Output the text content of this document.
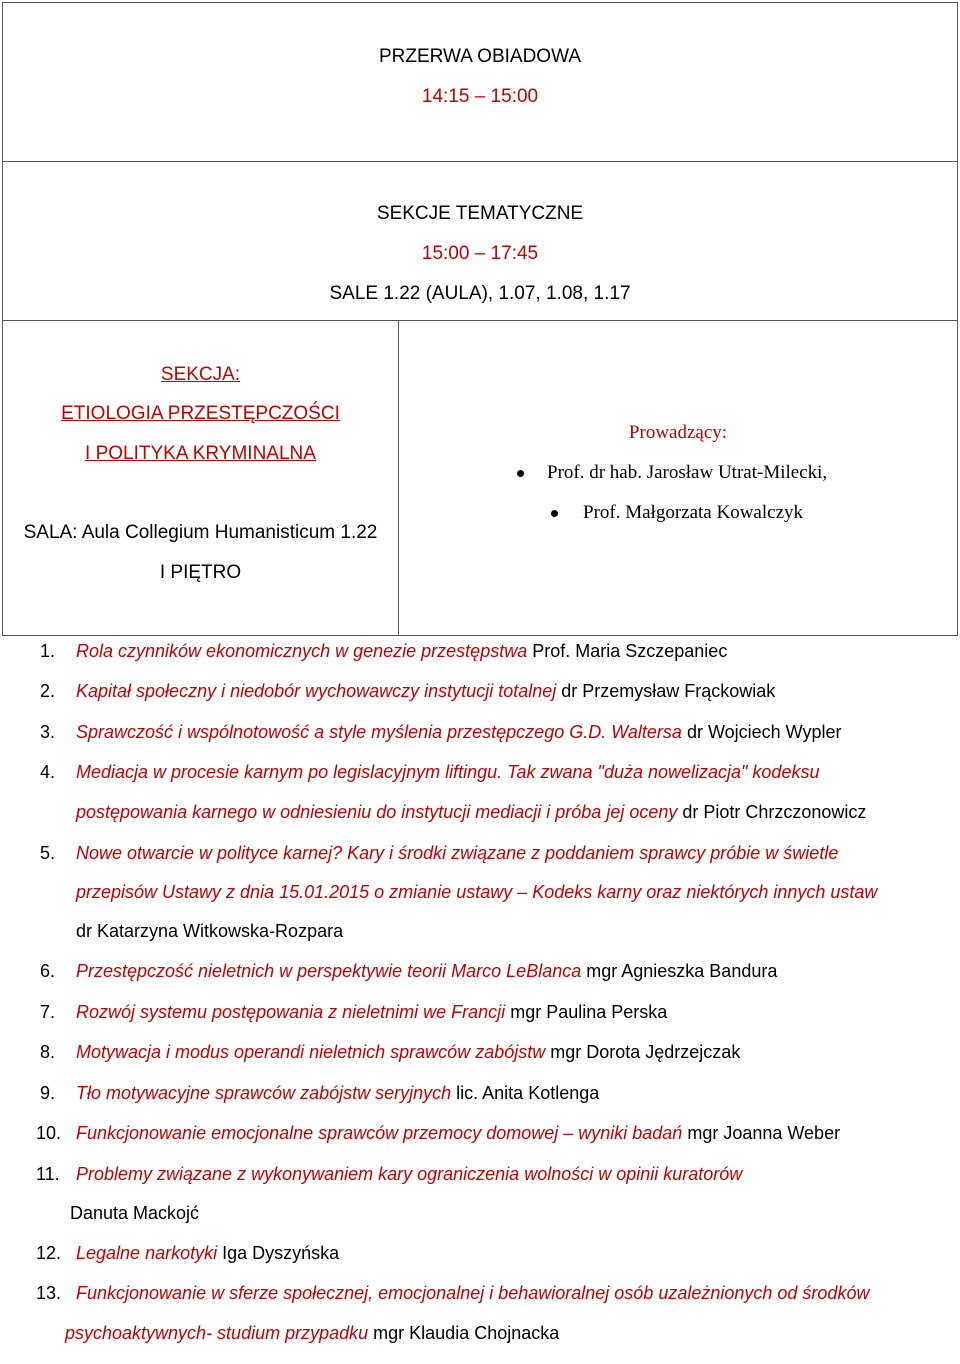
PRZERWA OBIADOWA
14:15 – 15:00
SEKCJE TEMATYCZNE
15:00 – 17:45
SALE 1.22 (AULA), 1.07, 1.08, 1.17
SEKCJA:
ETIOLOGIA PRZESTĘPCZOŚCI
I POLITYKA KRYMINALNA
SALA: Aula Collegium Humanisticum 1.22
I PIĘTRO
Prowadzący:
Prof. dr hab. Jarosław Utrat-Milecki,
Prof. Małgorzata Kowalczyk
1. Rola czynników ekonomicznych w genezie przestępstwa Prof. Maria Szczepaniec
2. Kapitał społeczny i niedobór wychowawczy instytucji totalnej dr Przemysław Frąckowiak
3. Sprawczość i wspólnotowość a style myślenia przestępczego G.D. Waltersa dr Wojciech Wypler
4. Mediacja w procesie karnym po legislacyjnym liftingu. Tak zwana "duża nowelizacja" kodeksu
postępowania karnego w odniesieniu do instytucji mediacji i próba jej oceny dr Piotr Chrzczonowicz
5. Nowe otwarcie w polityce karnej? Kary i środki związane z poddaniem sprawcy próbie w świetle
przepisów Ustawy z dnia 15.01.2015 o zmianie ustawy – Kodeks karny oraz niektórych innych ustaw
dr Katarzyna Witkowska-Rozpara
6. Przestępczość nieletnich w perspektywie teorii Marco LeBlanca mgr Agnieszka Bandura
7. Rozwój systemu postępowania z nieletnimi we Francji mgr Paulina Perska
8. Motywacja i modus operandi nieletnich sprawców zabójstw mgr Dorota Jędrzejczak
9. Tło motywacyjne sprawców zabójstw seryjnych lic. Anita Kotlenga
10. Funkcjonowanie emocjonalne sprawców przemocy domowej – wyniki badań mgr Joanna Weber
11. Problemy związane z wykonywaniem kary ograniczenia wolności w opinii kuratorów
Danuta Mackojć
12. Legalne narkotyki Iga Dyszyńska
13. Funkcjonowanie w sferze społecznej, emocjonalnej i behawioralnej osób uzależnionych od środków
psychoaktywnych- studium przypadku mgr Klaudia Chojnacka
